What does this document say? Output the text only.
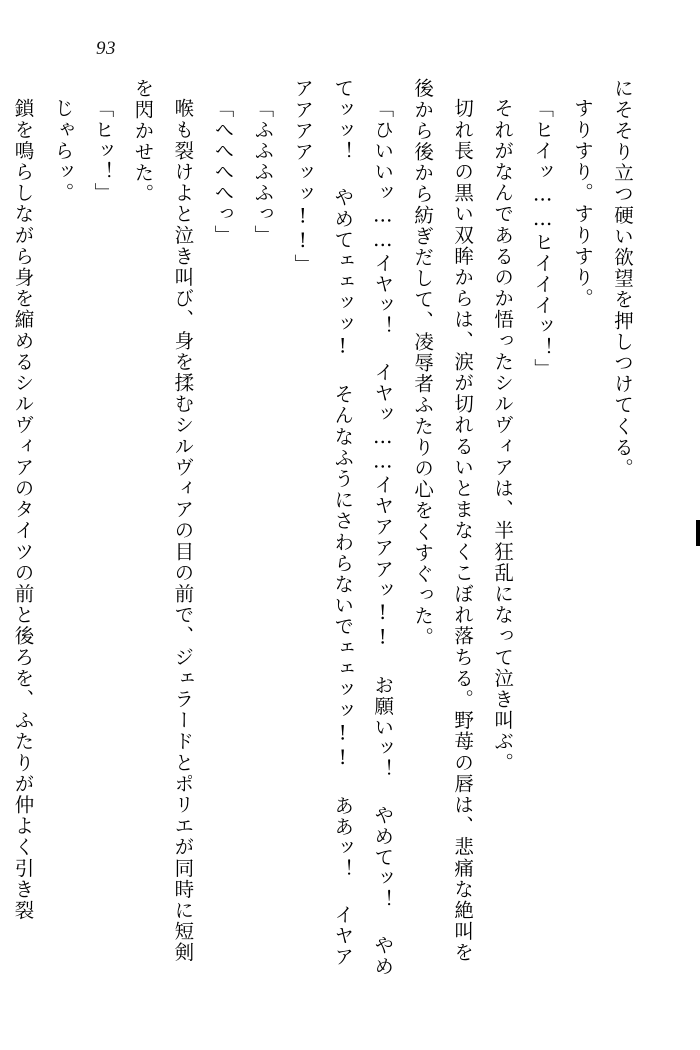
93

にそそり立つ硬い欲望を押しつけてくる。

すりすり。すりすり。

「ヒイッ……ヒイイイッ！」

それがなんであるのか悟ったシルヴィアは、半狂乱になって泣き叫ぶ。

切れ長の黒い双眸からは、涙が切れるいとまなくこぼれ落ちる。野苺の唇は、悲痛な絶叫を後から後から紡ぎだして、凌辱者ふたりの心をくすぐった。

「ひいいッ……イヤッ！ イヤッ……イヤアアアッ!! お願いッ！ やめてッ！ やめてッッ！ やめてェェッッ! そんなふうにさわらないでェェッッ!! ああッ！ イヤアアアアアッッ!!」

「ふふふふっ」

「へへへへっ」

喉も裂けよと泣き叫び、身を揉むシルヴィアの目の前で、ジェラードとポリエが同時に短剣を閃かせた。

「ヒッ！」

じゃらッ。

鎖を鳴らしながら身を縮めるシルヴィアのタイツの前と後ろを、ふたりが仲よく引き裂
